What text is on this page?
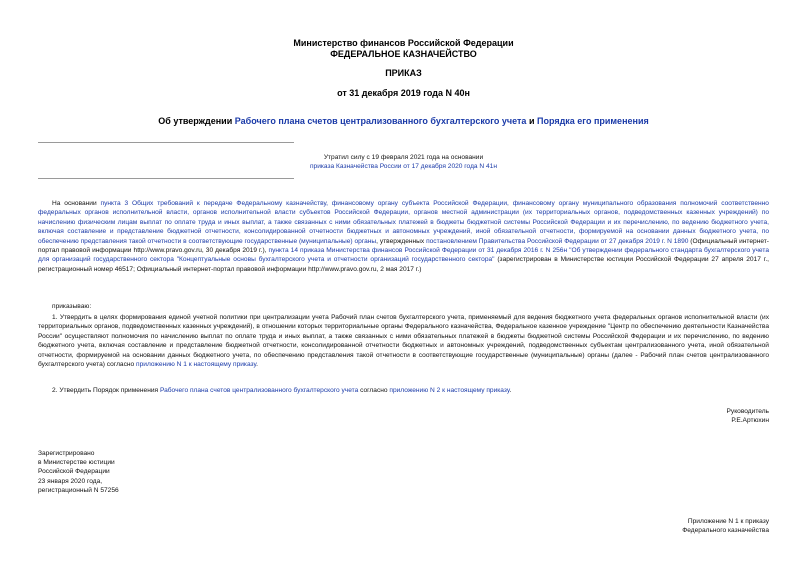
Министерство финансов Российской Федерации
ФЕДЕРАЛЬНОЕ КАЗНАЧЕЙСТВО
ПРИКАЗ
от 31 декабря 2019 года N 40н
Об утверждении Рабочего плана счетов централизованного бухгалтерского учета и Порядка его применения
Утратил силу с 19 февраля 2021 года на основании
приказа Казначейства России от 17 декабря 2020 года N 41н
На основании пункта 3 Общих требований к передаче Федеральному казначейству, финансовому органу субъекта Российской Федерации, финансовому органу муниципального образования полномочий соответственно федеральных органов исполнительной власти, органов исполнительной власти субъектов Российской Федерации, органов местной администрации (их территориальных органов, подведомственных казенных учреждений) по начислению физическим лицам выплат по оплате труда и иных выплат, а также связанных с ними обязательных платежей в бюджеты бюджетной системы Российской Федерации и их перечислению, по ведению бюджетного учета, включая составление и представление бюджетной отчетности, консолидированной отчетности бюджетных и автономных учреждений, иной обязательной отчетности, формируемой на основании данных бюджетного учета, по обеспечению представления такой отчетности в соответствующие государственные (муниципальные) органы, утвержденных постановлением Правительства Российской Федерации от 27 декабря 2019 г. N 1890 (Официальный интернет-портал правовой информации http://www.pravo.gov.ru, 30 декабря 2019 г.), пункта 14 приказа Министерства финансов Российской Федерации от 31 декабря 2016 г. N 256н "Об утверждении федерального стандарта бухгалтерского учета для организаций государственного сектора "Концептуальные основы бухгалтерского учета и отчетности организаций государственного сектора" (зарегистрирован в Министерстве юстиции Российской Федерации 27 апреля 2017 г., регистрационный номер 46517; Официальный интернет-портал правовой информации http://www.pravo.gov.ru, 2 мая 2017 г.)
приказываю:
1. Утвердить в целях формирования единой учетной политики при централизации учета Рабочий план счетов бухгалтерского учета, применяемый для ведения бюджетного учета федеральных органов исполнительной власти (их территориальных органов, подведомственных казенных учреждений), в отношении которых территориальные органы Федерального казначейства, Федеральное казенное учреждение "Центр по обеспечению деятельности Казначейства России" осуществляют полномочия по начислению выплат по оплате труда и иных выплат, а также связанных с ними обязательных платежей в бюджеты бюджетной системы Российской Федерации и их перечислению, по ведению бюджетного учета, включая составление и представление бюджетной отчетности, консолидированной отчетности бюджетных и автономных учреждений, подведомственных субъектам централизованного учета, иной обязательной отчетности, формируемой на основании данных бюджетного учета, по обеспечению представления такой отчетности в соответствующие государственные (муниципальные) органы (далее - Рабочий план счетов централизованного бухгалтерского учета) согласно приложению N 1 к настоящему приказу.
2. Утвердить Порядок применения Рабочего плана счетов централизованного бухгалтерского учета согласно приложению N 2 к настоящему приказу.
Руководитель
Р.Е.Артюхин
Зарегистрировано
в Министерстве юстиции
Российской Федерации
23 января 2020 года,
регистрационный N 57256
Приложение N 1 к приказу
Федерального казначейства
